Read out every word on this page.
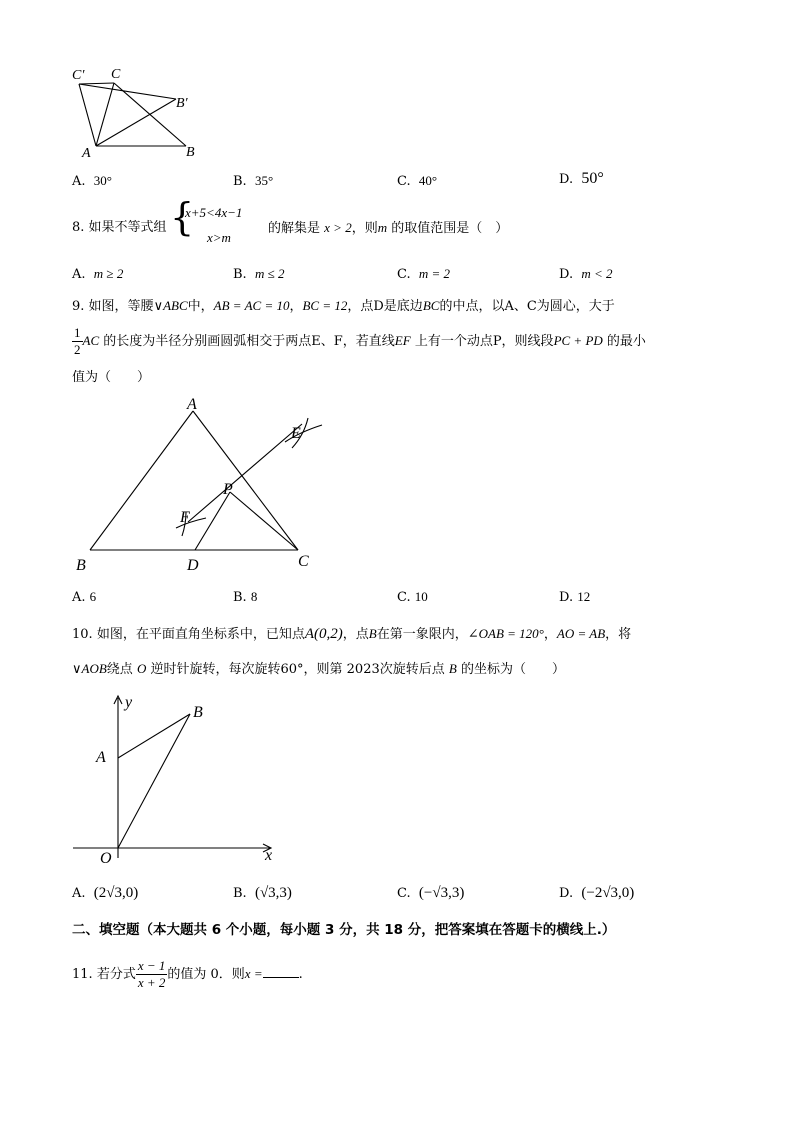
C′ C
B′
A	B
A. 30°	B. 35°	C. 40°	D. 50°
8. 如果不等式组 {
x+5<4x−1
x>m
的解集是 x > 2，则m 的取值范围是（　）
A. m ≥ 2	B. m ≤ 2	C. m = 2	D. m < 2
9. 如图，等腰∨ABC中，AB = AC = 10，BC = 12，点D是底边BC的中点，以A、C为圆心，大于
$\frac{1}{2}$ AC 的长度为半径分别画圆弧相交于两点E、F，若直线EF 上有一个动点P，则线段PC + PD 的最小
值为（　　）
A
B	C
D
E
F
P
A. 6	B. 8	C. 10	D. 12
10. 如图，在平面直角坐标系中，已知点A(0,2)，点B在第一象限内，∠OAB = 120°，AO = AB，将
∨AOB绕点 O 逆时针旋转，每次旋转60°，则第 2023次旋转后点 B 的坐标为（　　）
y
x
A
B
O
A. (2√3,0)	B. (√3,3)	C. (−√3,3)	D. (−2√3,0)
二、填空题（本大题共 6 个小题，每小题 3 分，共 18 分，把答案填在答题卡的横线上.）
11. 若分式 $\frac{x - 1}{x + 2}$ 的值为 0．则x =	.
